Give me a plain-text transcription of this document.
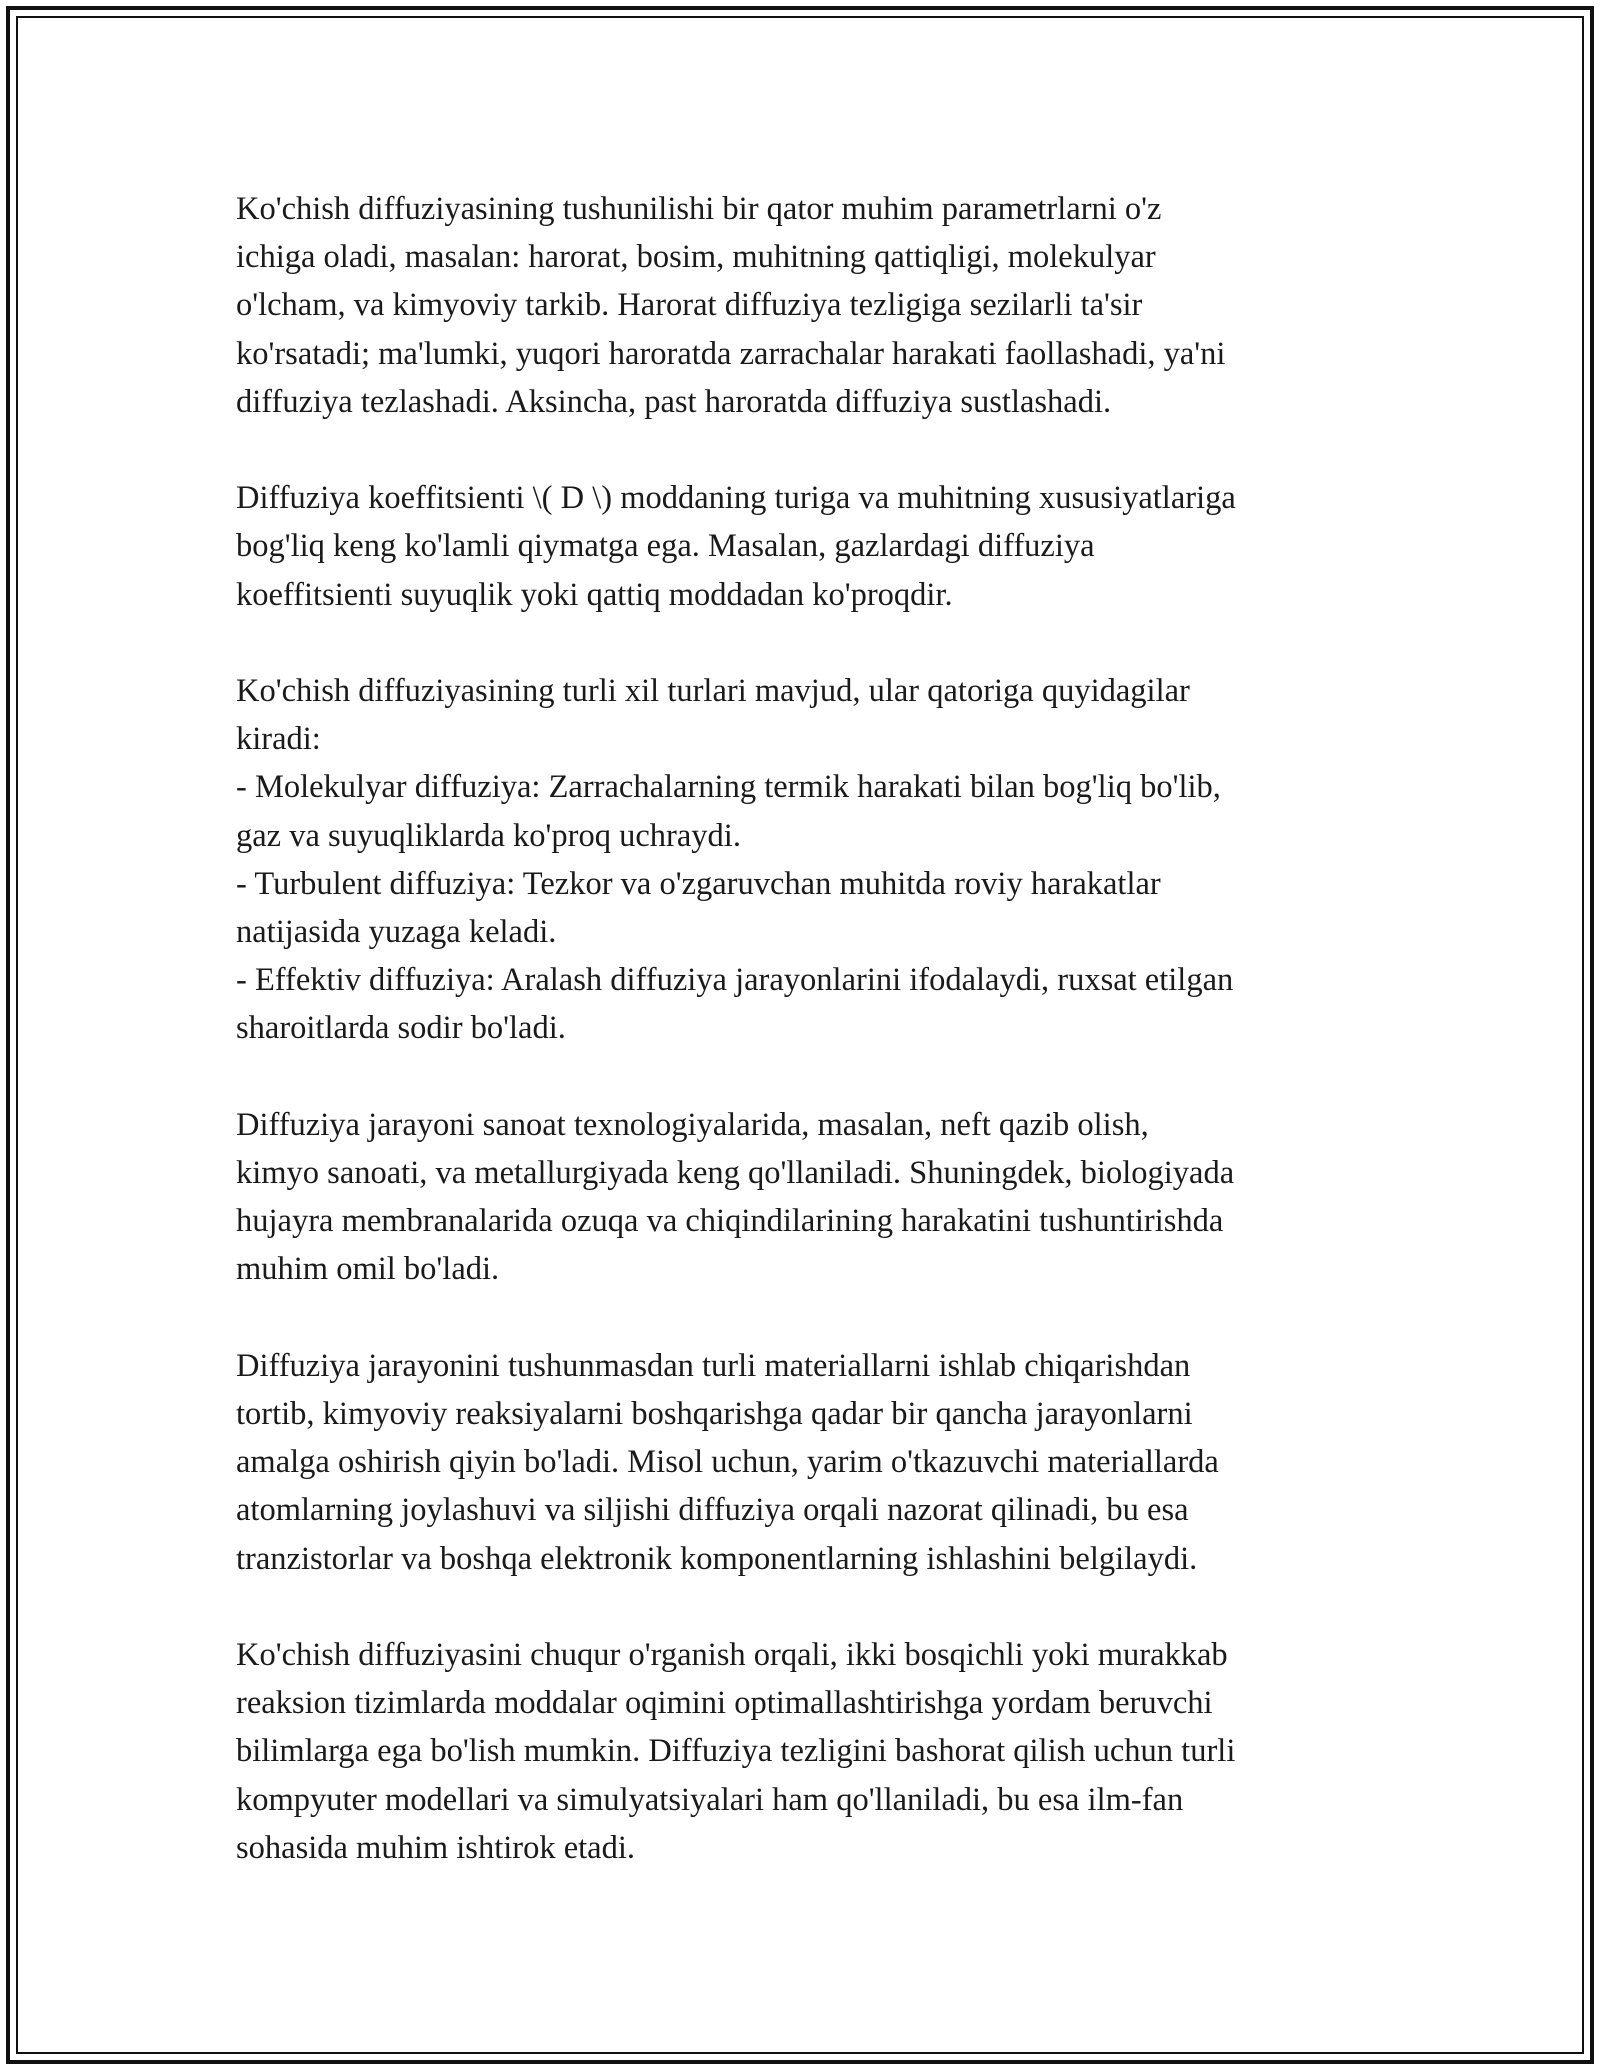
Ko'chish diffuziyasining tushunilishi bir qator muhim parametrlarni o'z
ichiga oladi, masalan: harorat, bosim, muhitning qattiqligi, molekulyar
o'lcham, va kimyoviy tarkib. Harorat diffuziya tezligiga sezilarli ta'sir
ko'rsatadi; ma'lumki, yuqori haroratda zarrachalar harakati faollashadi, ya'ni
diffuziya tezlashadi. Aksincha, past haroratda diffuziya sustlashadi.

Diffuziya koeffitsienti \( D \) moddaning turiga va muhitning xususiyatlariga
bog'liq keng ko'lamli qiymatga ega. Masalan, gazlardagi diffuziya
koeffitsienti suyuqlik yoki qattiq moddadan ko'proqdir.

Ko'chish diffuziyasining turli xil turlari mavjud, ular qatoriga quyidagilar
kiradi:
- Molekulyar diffuziya: Zarrachalarning termik harakati bilan bog'liq bo'lib,
gaz va suyuqliklarda ko'proq uchraydi.
- Turbulent diffuziya: Tezkor va o'zgaruvchan muhitda roviy harakatlar
natijasida yuzaga keladi.
- Effektiv diffuziya: Aralash diffuziya jarayonlarini ifodalaydi, ruxsat etilgan
sharoitlarda sodir bo'ladi.

Diffuziya jarayoni sanoat texnologiyalarida, masalan, neft qazib olish,
kimyo sanoati, va metallurgiyada keng qo'llaniladi. Shuningdek, biologiyada
hujayra membranalarida ozuqa va chiqindilarining harakatini tushuntirishda
muhim omil bo'ladi.

Diffuziya jarayonini tushunmasdan turli materiallarni ishlab chiqarishdan
tortib, kimyoviy reaksiyalarni boshqarishga qadar bir qancha jarayonlarni
amalga oshirish qiyin bo'ladi. Misol uchun, yarim o'tkazuvchi materiallarda
atomlarning joylashuvi va siljishi diffuziya orqali nazorat qilinadi, bu esa
tranzistorlar va boshqa elektronik komponentlarning ishlashini belgilaydi.

Ko'chish diffuziyasini chuqur o'rganish orqali, ikki bosqichli yoki murakkab
reaksion tizimlarda moddalar oqimini optimallashtirishga yordam beruvchi
bilimlarga ega bo'lish mumkin. Diffuziya tezligini bashorat qilish uchun turli
kompyuter modellari va simulyatsiyalari ham qo'llaniladi, bu esa ilm-fan
sohasida muhim ishtirok etadi.
